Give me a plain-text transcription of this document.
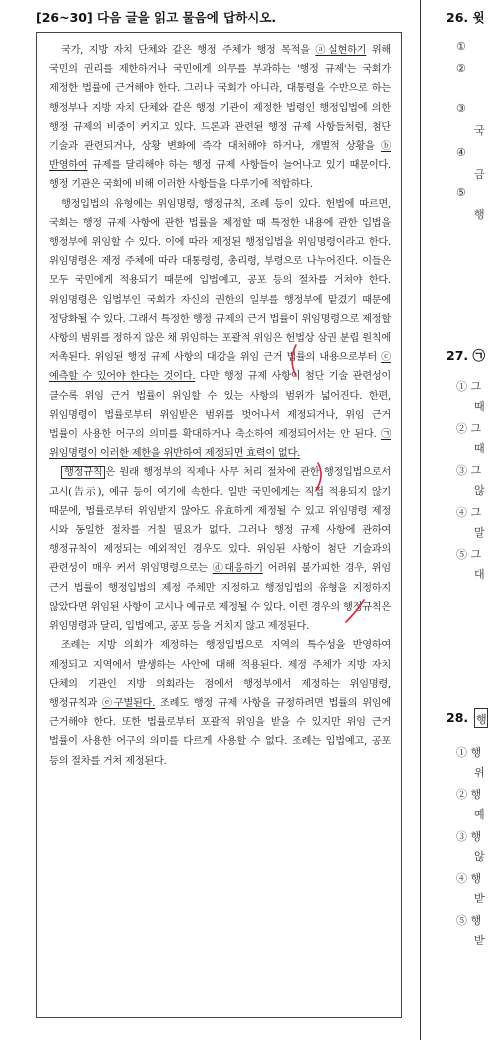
[26~30] 다음 글을 읽고 물음에 답하시오.

국가, 지방 자치 단체와 같은 행정 주체가 행정 목적을 ⓐ실현하기 위해 국민의 권리를 제한하거나 국민에게 의무를 부과하는 '행정 규제'는 국회가 제정한 법률에 근거해야 한다. 그러나 국회가 아니라, 대통령을 수반으로 하는 행정부나 지방 자치 단체와 같은 행정 기관이 제정한 법령인 행정입법에 의한 행정 규제의 비중이 커지고 있다. 드론과 관련된 행정 규제 사항들처럼, 첨단 기술과 관련되거나, 상황 변화에 즉각 대처해야 하거나, 개별적 상황을 ⓑ반영하여 규제를 달리해야 하는 행정 규제 사항들이 늘어나고 있기 때문이다. 행정 기관은 국회에 비해 이러한 사항들을 다루기에 적합하다.

행정입법의 유형에는 위임명령, 행정규칙, 조례 등이 있다. 헌법에 따르면, 국회는 행정 규제 사항에 관한 법률을 제정할 때 특정한 내용에 관한 입법을 행정부에 위임할 수 있다. 이에 따라 제정된 행정입법을 위임명령이라고 한다. 위임명령은 제정 주체에 따라 대통령령, 총리령, 부령으로 나누어진다. 이들은 모두 국민에게 적용되기 때문에 입법예고, 공포 등의 절차를 거쳐야 한다. 위임명령은 입법부인 국회가 자신의 권한의 일부를 행정부에 맡겼기 때문에 정당화될 수 있다. 그래서 특정한 행정 규제의 근거 법률이 위임명령으로 제정할 사항의 범위를 정하지 않은 채 위임하는 포괄적 위임은 헌법상 삼권 분립 원칙에 저촉된다. 위임된 행정 규제 사항의 대강을 위임 근거 법률의 내용으로부터 ⓒ예측할 수 있어야 한다는 것이다. 다만 행정 규제 사항이 첨단 기술 관련성이 클수록 위임 근거 법률이 위임할 수 있는 사항의 범위가 넓어진다. 한편, 위임명령이 법률로부터 위임받은 범위를 벗어나서 제정되거나, 위임 근거 법률이 사용한 어구의 의미를 확대하거나 축소하여 제정되어서는 안 된다. ㉠위임명령이 이러한 제한을 위반하여 제정되면 효력이 없다.

행정규칙 은 원래 행정부의 직제나 사무 처리 절차에 관한 행정입법으로서 고시(告示), 예규 등이 여기에 속한다. 일반 국민에게는 직접 적용되지 않기 때문에, 법률로부터 위임받지 않아도 유효하게 제정될 수 있고 위임명령 제정 시와 동일한 절차를 거칠 필요가 없다. 그러나 행정 규제 사항에 관하여 행정규칙이 제정되는 예외적인 경우도 있다. 위임된 사항이 첨단 기술과의 관련성이 매우 커서 위임명령으로는 ⓓ대응하기 어려워 불가피한 경우, 위임 근거 법률이 행정입법의 제정 주체만 지정하고 행정입법의 유형을 지정하지 않았다면 위임된 사항이 고시나 예규로 제정될 수 있다. 이런 경우의 행정규칙은 위임명령과 달리, 입법예고, 공포 등을 거치지 않고 제정된다.

조례는 지방 의회가 제정하는 행정입법으로 지역의 특수성을 반영하여 제정되고 지역에서 발생하는 사안에 대해 적용된다. 제정 주체가 지방 자치 단체의 기관인 지방 의회라는 점에서 행정부에서 제정하는 위임명령, 행정규칙과 ⓔ구별된다. 조례도 행정 규제 사항을 규정하려면 법률의 위임에 근거해야 한다. 또한 법률로부터 포괄적 위임을 받을 수 있지만 위임 근거 법률이 사용한 어구의 의미를 다르게 사용할 수 없다. 조례는 입법예고, 공포 등의 절차를 거쳐 제정된다.

26. 윗
①
②
③
국
④
금
⑤
행
27. ㉠
① 그
때
② 그
때
③ 그
않
④ 그
말
⑤ 그
대
28. 행
① 행
위
② 행
예
③ 행
않
④ 행
받
⑤ 행
받
